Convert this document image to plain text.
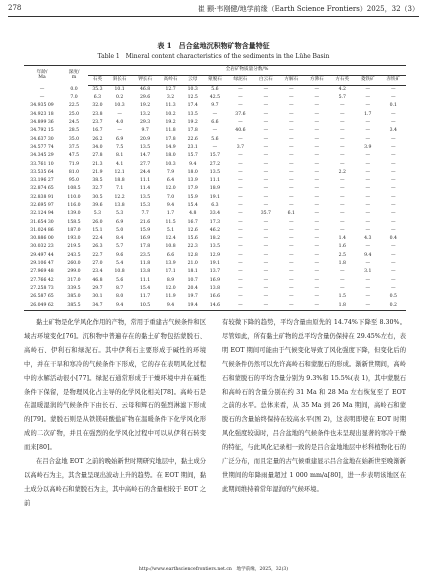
278	崔 颢·韦刚健/地学前缘（Earth Science Frontiers）2025，32（3）
表 1　吕合盆地沉积物矿物含量特征
Table 1　Mineral content characteristics of the sediments in the Lühe Basin
年龄/
Ma	深度/
m	全岩矿物质量分数/%												
		石英	斜长石	钾长石	高岭石	云母	蒙脱石	绿泥石	白云石	方解石	方沸石	方石英	菱铁矿	赤铁矿
—	0.0	35.3	10.1	46.8	12.7	10.3	5.6	—	—	—	—	4.2	—	—
—	7.0	6.3	0.2	29.6	3.2	12.5	42.5	—	—	—	—	5.7	—	—
34.935 09	22.5	32.0	10.3	19.2	11.3	17.4	9.7	—	—	—	—	—	—	0.1
34.923 18	25.0	23.8	—	13.2	10.2	13.5	—	37.6	—	—	—	—	1.7	—
34.899 36	24.5	23.7	4.0	29.3	19.2	19.2	6.6	—	—	—	—	—	—	—
34.792 15	28.5	16.7	—	9.7	11.8	17.8	—	40.6	—	—	—	—	—	3.4
34.637 30	35.0	26.2	6.9	20.9	17.8	22.6	5.6	—	—	—	—	—	—	—
34.577 74	37.5	34.0	7.5	13.5	14.9	23.1	—	3.7	—	—	—	—	3.9	—
34.345 29	47.5	27.8	8.1	14.7	18.0	15.7	15.7	—	—	—	—	—	—	—
33.761 10	71.9	21.3	4.1	27.7	10.3	9.4	27.2	—	—	—	—	—	—	—
33.535 64	81.0	21.9	12.1	24.4	7.9	18.0	13.5	—	—	—	—	2.2	—	—
33.196 27	95.0	38.5	18.8	11.1	6.4	13.9	11.1	—	—	—	—	—	—	—
32.874 65	108.5	32.7	7.1	11.4	12.0	17.9	18.9	—	—	—	—	—	—	—
32.838 91	110.0	30.5	12.2	13.5	7.0	15.9	19.1	—	—	—	—	—	—	—
32.695 97	116.0	39.6	13.8	15.3	9.4	15.4	6.3	—	—	—	—	—	—	—
32.124 94	139.0	5.3	5.3	7.7	1.7	4.8	33.4	—	35.7	6.1	—	—	—	—
31.654 30	158.5	26.0	6.9	21.6	11.5	16.7	17.3	—	—	—	—	—	—	—
31.024 86	187.0	15.1	5.0	15.9	5.1	12.6	46.2	—	—	—	—	—	—	—
30.886 00	193.0	22.4	8.4	16.9	12.4	15.6	18.2	—	—	—	—	1.4	4.3	0.4
30.032 23	219.5	26.3	5.7	17.8	10.8	22.3	13.5	—	—	—	—	1.6	—	—
29.497 44	243.5	22.7	9.6	23.5	6.6	12.8	12.9	—	—	—	—	2.5	9.4	—
29.106 47	260.0	27.0	5.4	11.8	13.9	21.0	19.1	—	—	—	—	1.8	—	—
27.969 48	299.0	23.4	10.8	13.8	17.1	18.1	13.7	—	—	—	—	—	3.1	—
27.766 42	317.0	46.8	5.6	11.1	8.9	10.7	16.9	—	—	—	—	—	—	—
27.258 73	339.5	29.7	8.7	15.4	12.0	20.4	13.8	—	—	—	—	—	—	—
26.587 65	385.0	30.1	8.0	11.7	11.9	19.7	16.6	—	—	—	—	1.5	—	0.5
26.049 62	385.5	34.7	9.4	10.5	9.4	19.4	14.6	—	—	—	—	1.8	—	0.2

黏土矿物是化学风化作用的产物，常用于重建古气候条件和区域古环境变化[76]。沉积物中普遍存在的黏土矿物包括蒙脱石、高岭石、伊利石和绿泥石。其中伊利石主要形成于碱性的环境中，并在干旱和寒冷的气候条件下形成，它的存在表明风化过程中的水解活动很小[77]。绿泥石通常形成于干燥环境中并在碱性条件下保留，是物理风化占主导的化学风化相关[78]。高岭石是在温暖湿润的气候条件下由长石、云母和辉石的强烈淋滤下形成的[79]。蒙脱石则是从铁镁硅酸盐矿物在温暖条件下化学风化形成的二次矿物，并且在强烈的化学风化过程中可以从伊利石转变而来[80]。

在吕合盆地 EOT 之前的晚始新世时期研究地层中，黏土成分以高岭石为主，其含量呈现出波动上升的趋势。在 EOT 期间，黏土成分以高岭石和蒙脱石为主，其中高岭石的含量相较于 EOT 之前

有较微下降的趋势，平均含量由原先的 14.74%下降至 8.30%。尽管如此，所有黏土矿物的总平均含量仍保持在 29.45%左右，表明 EOT 期间可能由于气候变化导致了风化强度下降，但变化后的气候条件仍然可以允许高岭石和蒙脱石的形成。渐新世期间，高岭石和蒙脱石的平均含量分别为 9.3%和 15.5%(表 1)，其中蒙脱石和高岭石的含量分别在约 31 Ma 和 28 Ma 左右恢复至了 EOT 之前的水平。总体来看，从 35 Ma 到 26 Ma 期间，高岭石和蒙脱石的含量始终保持在较高水平(图 2)，这表明即使在 EOT 时期风化强度较弱时，吕合盆地的气候条件也未呈现出显著的寒冷干燥的特征，与此风化记录相一致的是吕合盆地地层中杉科植物化石的广泛分布，而且定量的古气候重建显示吕合盆地在始新世至晚渐新世期间的年降雨量超过 1 000 mm/a[80]，进一步表明该地区在此期间维持着常年湿润的气候环境。

http://www.earthsciencefrontiers.net.cn　地学前缘，2025，32(3)
